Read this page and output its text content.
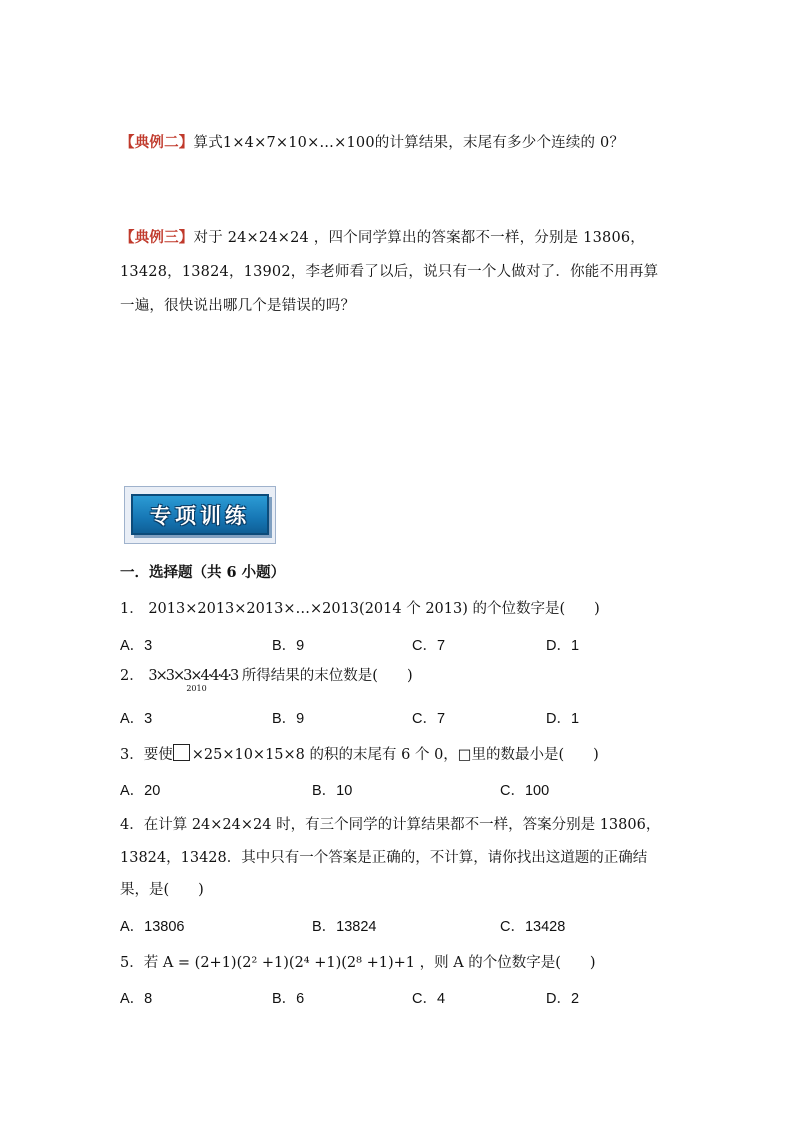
【典例二】算式1×4×7×10×…×100的计算结果，末尾有多少个连续的 0？
【典例三】对于 24×24×24 ，四个同学算出的答案都不一样，分别是 13806，
13428，13824，13902，李老师看了以后，说只有一个人做对了．你能不用再算
一遍，很快说出哪几个是错误的吗？
专项训练
一．选择题（共 6 小题）
1． 2013×2013×2013×…×2013(2014 个 2013) 的个位数字是(　　)
A．3	B．9	C．7	D．1
2． 3×3×3×4·4·4·3
2010
所得结果的末位数是(　　)
A．3	B．9	C．7	D．1
3．要使 ×25×10×15×8 的积的末尾有 6 个 0，□里的数最小是(　　)
A．20	B．10	C．100
4．在计算 24×24×24 时，有三个同学的计算结果都不一样，答案分别是 13806，
13824，13428．其中只有一个答案是正确的，不计算，请你找出这道题的正确结
果，是(　　)
A．13806	B．13824	C．13428
5．若 A = (2+1)(2² +1)(2⁴ +1)(2⁸ +1)+1 ，则 A 的个位数字是(　　)
A．8	B．6	C．4	D．2
